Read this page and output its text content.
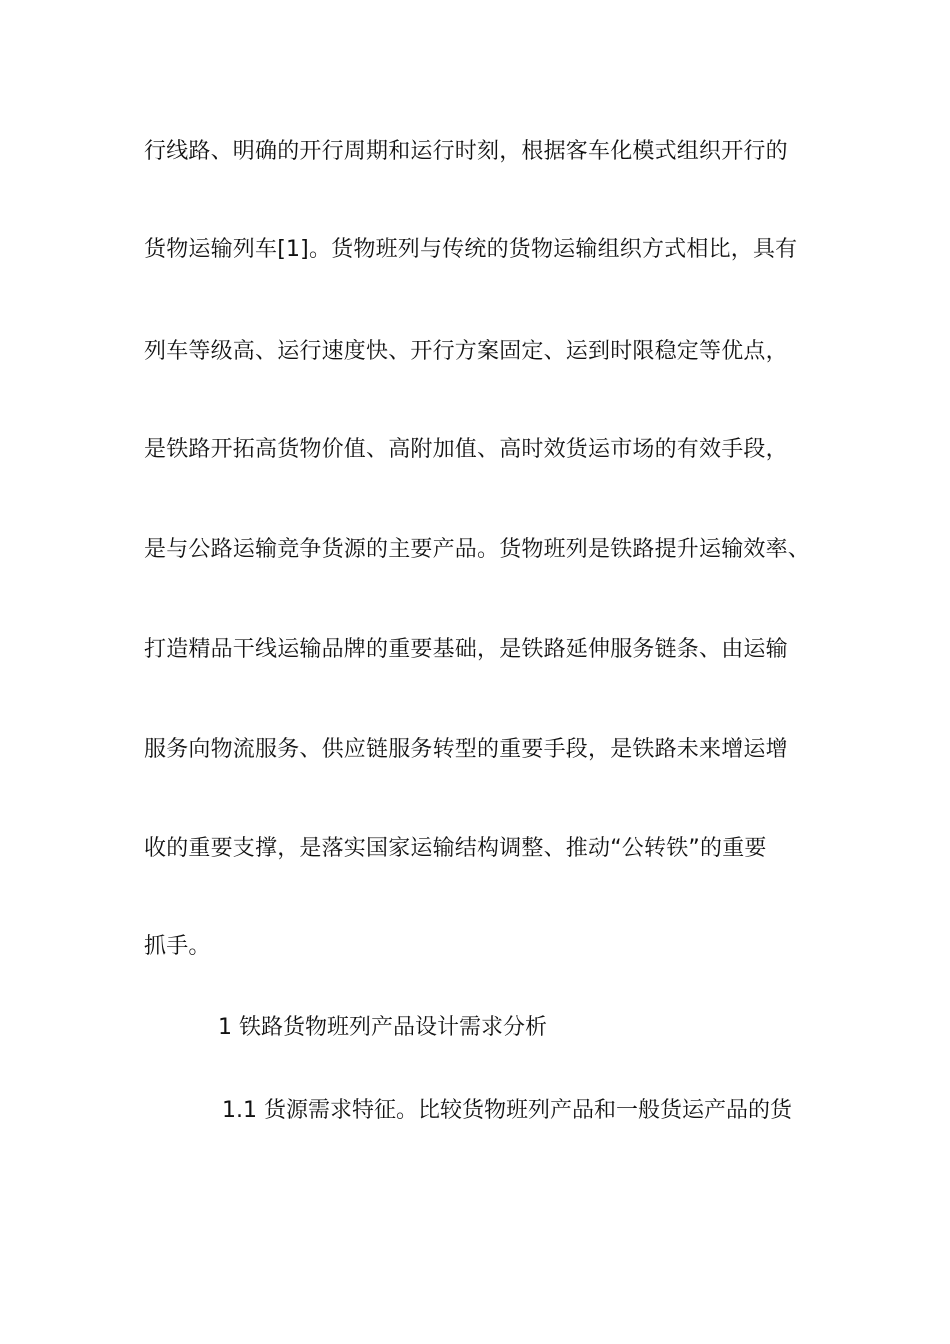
行线路、明确的开行周期和运行时刻，根据客车化模式组织开行的
货物运输列车[1]。货物班列与传统的货物运输组织方式相比，具有
列车等级高、运行速度快、开行方案固定、运到时限稳定等优点，
是铁路开拓高货物价值、高附加值、高时效货运市场的有效手段，
是与公路运输竞争货源的主要产品。货物班列是铁路提升运输效率、
打造精品干线运输品牌的重要基础，是铁路延伸服务链条、由运输
服务向物流服务、供应链服务转型的重要手段，是铁路未来增运增
收的重要支撑，是落实国家运输结构调整、推动“公转铁”的重要
抓手。
1 铁路货物班列产品设计需求分析
1.1 货源需求特征。比较货物班列产品和一般货运产品的货
